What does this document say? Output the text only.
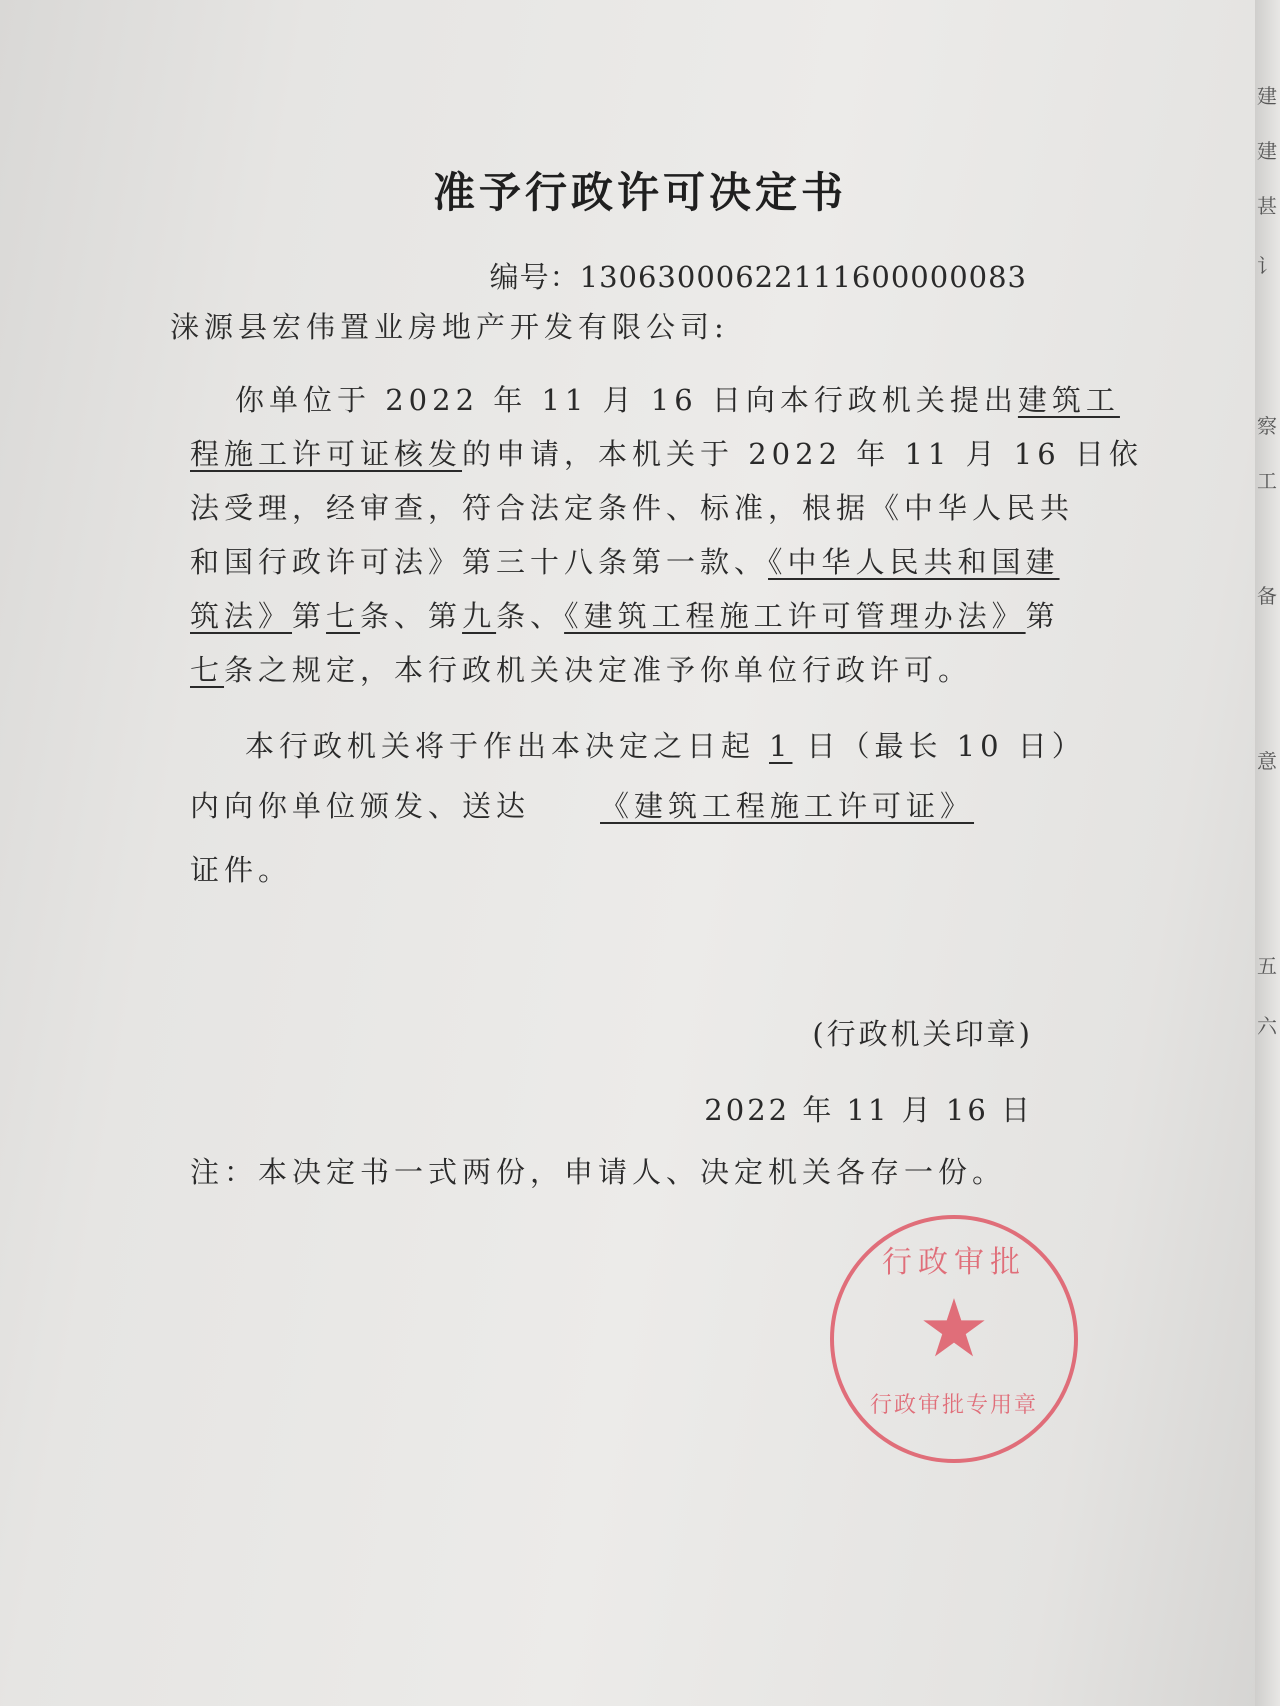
准予行政许可决定书
编号：13063000622111600000083
涞源县宏伟置业房地产开发有限公司:
你单位于 2022 年 11 月 16 日向本行政机关提出建筑工
程施工许可证核发的申请，本机关于 2022 年 11 月 16 日依
法受理，经审查，符合法定条件、标准，根据《中华人民共
和国行政许可法》第三十八条第一款、《中华人民共和国建
筑法》第七条、第九条、《建筑工程施工许可管理办法》第
七条之规定，本行政机关决定准予你单位行政许可。
本行政机关将于作出本决定之日起 1 日（最长 10 日）
内向你单位颁发、送达 《建筑工程施工许可证》
证件。
(行政机关印章)
2022 年 11 月 16 日
注：本决定书一式两份，申请人、决定机关各存一份。
行政审批
★
行政审批专用章
建
建
甚
讠
察
工
备
意
五
六
